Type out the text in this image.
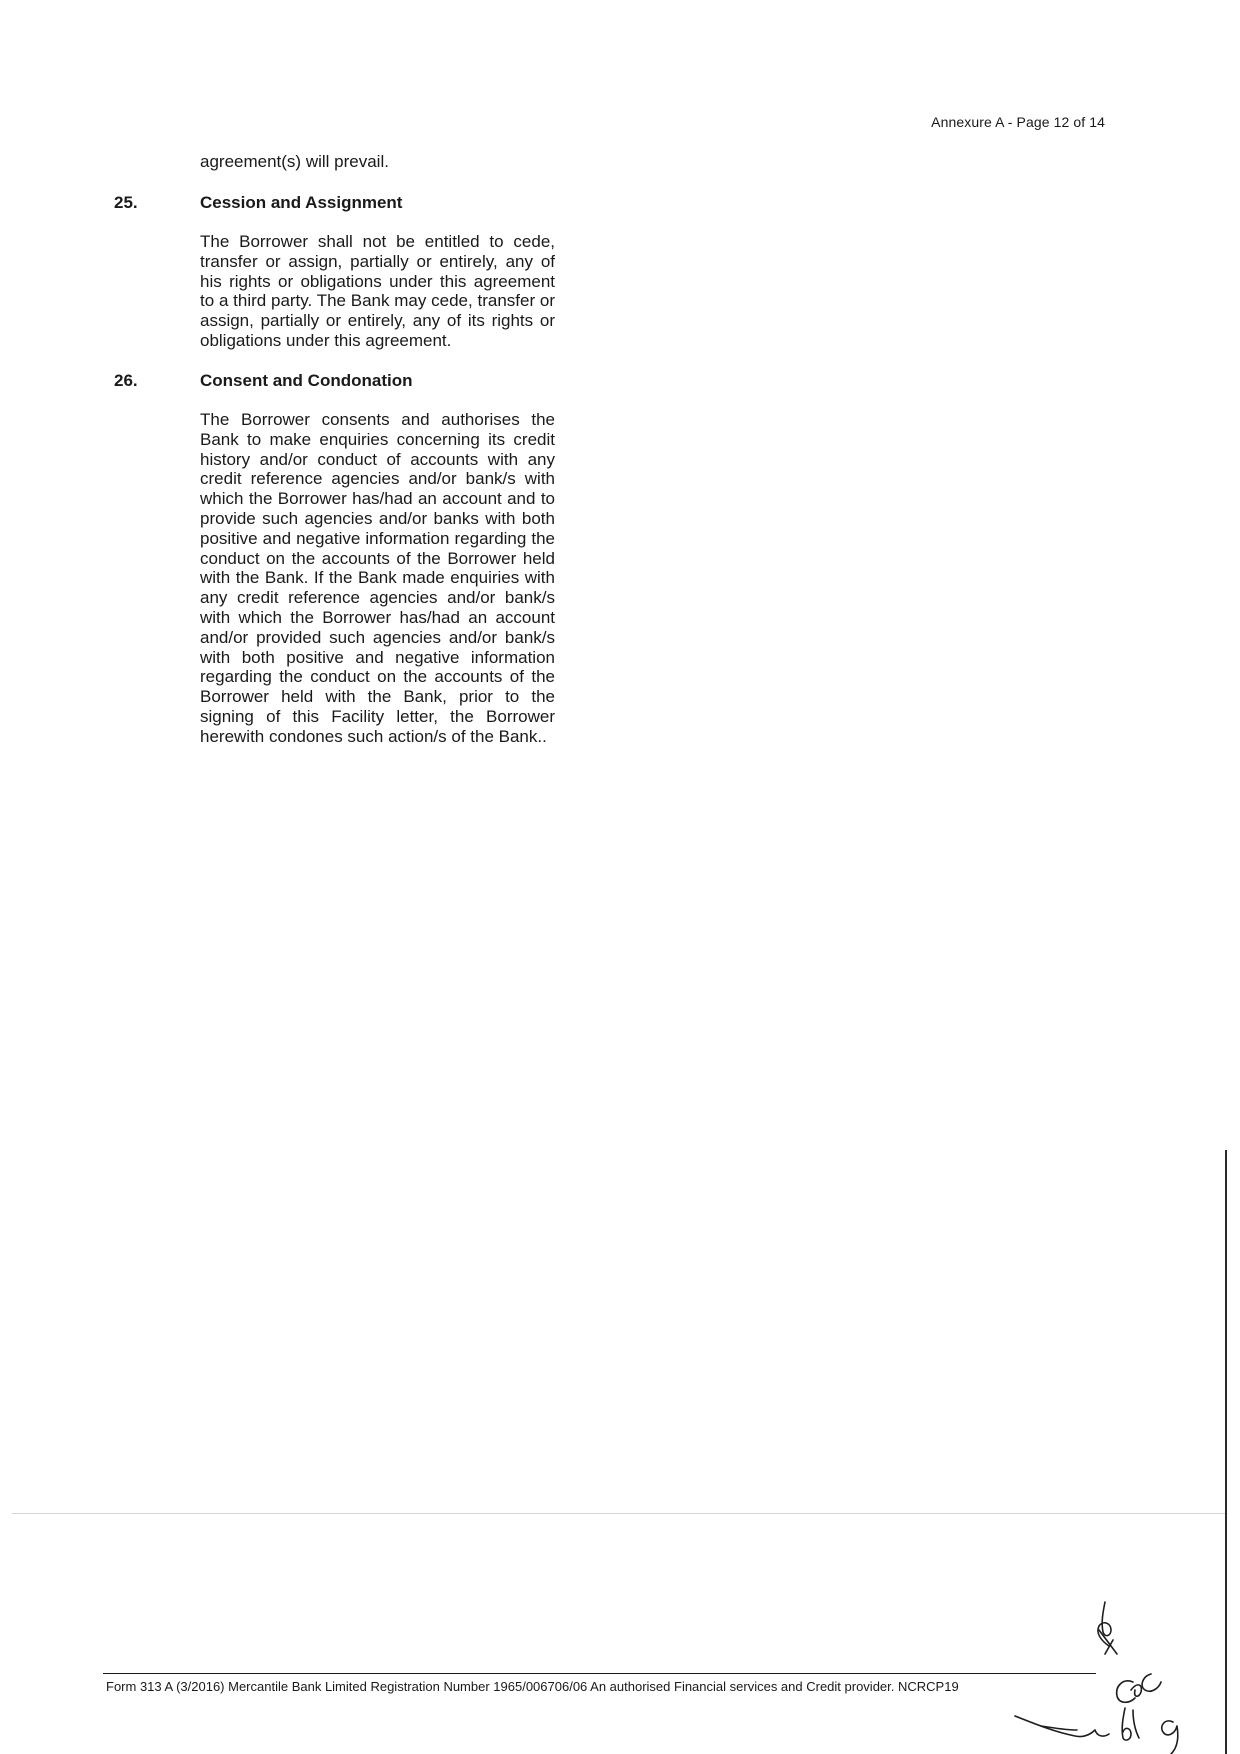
Annexure A - Page 12 of 14
agreement(s) will prevail.
25.	Cession and Assignment
The Borrower shall not be entitled to cede, transfer or assign, partially or entirely, any of his rights or obligations under this agreement to a third party. The Bank may cede, transfer or assign, partially or entirely, any of its rights or obligations under this agreement.
26.	Consent and Condonation
The Borrower consents and authorises the Bank to make enquiries concerning its credit history and/or conduct of accounts with any credit reference agencies and/or bank/s with which the Borrower has/had an account and to provide such agencies and/or banks with both positive and negative information regarding the conduct on the accounts of the Borrower held with the Bank. If the Bank made enquiries with any credit reference agencies and/or bank/s with which the Borrower has/had an account and/or provided such agencies and/or bank/s with both positive and negative information regarding the conduct on the accounts of the Borrower held with the Bank, prior to the signing of this Facility letter, the Borrower herewith condones such action/s of the Bank..
Form 313 A (3/2016) Mercantile Bank Limited Registration Number 1965/006706/06 An authorised Financial services and Credit provider. NCRCP19
